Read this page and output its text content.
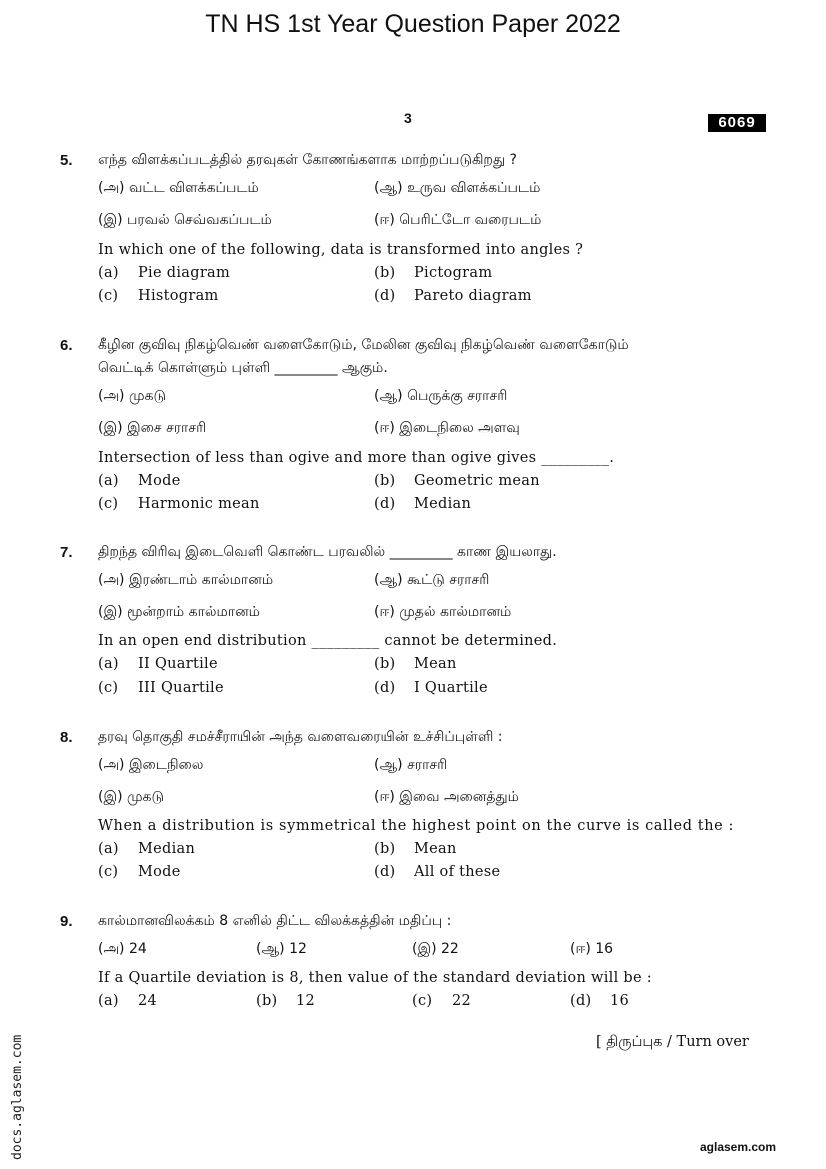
TN HS 1st Year Question Paper 2022
3	6069
5. எந்த விளக்கப்படத்தில் தரவுகள் கோணங்களாக மாற்றப்படுகிறது ?
(அ) வட்ட விளக்கப்படம்	(ஆ) உருவ விளக்கப்படம்
(இ) பரவல் செவ்வகப்படம்	(ஈ) பெரிட்டோ வரைபடம்
In which one of the following, data is transformed into angles ?
(a) Pie diagram	(b) Pictogram
(c) Histogram	(d) Pareto diagram
6. கீழின குவிவு நிகழ்வெண் வளைகோடும், மேலின குவிவு நிகழ்வெண் வளைகோடும்
வெட்டிக் கொள்ளும் புள்ளி _________ ஆகும்.
(அ) முகடு	(ஆ) பெருக்கு சராசரி
(இ) இசை சராசரி	(ஈ) இடைநிலை அளவு
Intersection of less than ogive and more than ogive gives _________.
(a) Mode	(b) Geometric mean
(c) Harmonic mean	(d) Median
7. திறந்த விரிவு இடைவெளி கொண்ட பரவலில் _________ காண இயலாது.
(அ) இரண்டாம் கால்மானம்	(ஆ) கூட்டு சராசரி
(இ) மூன்றாம் கால்மானம்	(ஈ) முதல் கால்மானம்
In an open end distribution _________ cannot be determined.
(a) II Quartile	(b) Mean
(c) III Quartile	(d) I Quartile
8. தரவு தொகுதி சமச்சீராயின் அந்த வளைவரையின் உச்சிப்புள்ளி :
(அ) இடைநிலை	(ஆ) சராசரி
(இ) முகடு	(ஈ) இவை அனைத்தும்
When a distribution is symmetrical the highest point on the curve is called the :
(a) Median	(b) Mean
(c) Mode	(d) All of these
9. கால்மானவிலக்கம் 8 எனில் திட்ட விலக்கத்தின் மதிப்பு :
(அ) 24	(ஆ) 12	(இ) 22	(ஈ) 16
If a Quartile deviation is 8, then value of the standard deviation will be :
(a) 24	(b) 12	(c) 22	(d) 16
[ திருப்புக / Turn over
docs.aglasem.com	aglasem.com
